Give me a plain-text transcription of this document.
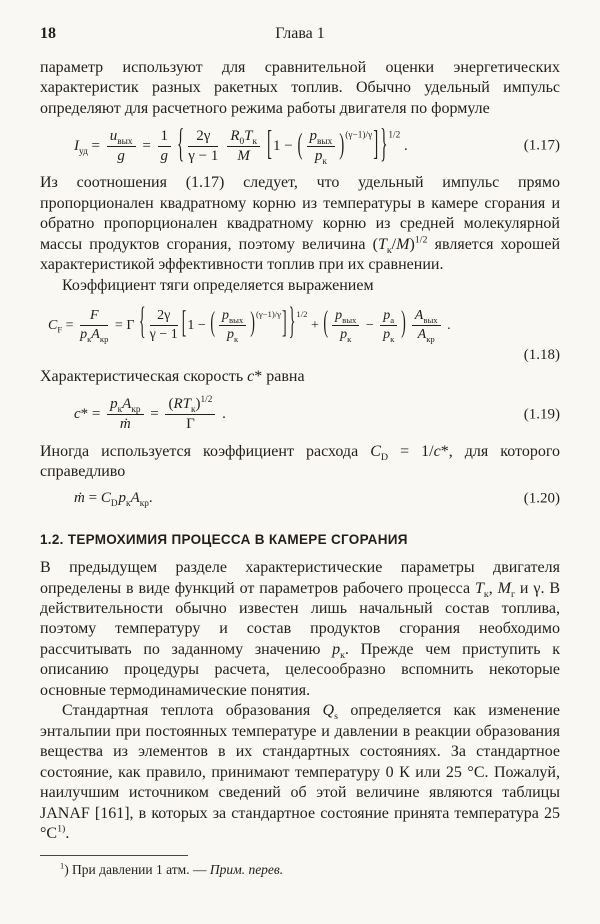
18	Глава 1

параметр используют для сравнительной оценки энергетических характеристик разных ракетных топлив. Обычно удельный импульс определяют для расчетного режима работы двигателя по формуле

$I_{уд} = \frac{u_{вых}}{g} = \frac{1}{g}$ { $\frac{2\gamma}{\gamma - 1} \frac{R_0T_к}{M} [1$ − ( $\frac{p_{вых}}{p_к} )^{(\gamma-1)/\gamma}$] }$^{1/2}$ .	(1.17)

Из соотношения (1.17) следует, что удельный импульс прямо пропорционален квадратному корню из температуры в камере сгорания и обратно пропорционален квадратному корню из средней молекулярной массы продуктов сгорания, поэтому величина $(T_к/M)^{1/2}$ является хорошей характеристикой эффективности топлив при их сравнении.

Коэффициент тяги определяется выражением

$C_F = \frac{F}{p_кA_{кр}} = \Gamma$ { $\frac{2\gamma}{\gamma - 1} [1$ − ( $\frac{p_{вых}}{p_к} )^{(\gamma-1)/\gamma}$] }$^{1/2}$ + ( $\frac{p_{вых}}{p_к} - \frac{p_а}{p_к}$ ) $\frac{A_{вых}}{A_{кр}}$ .
(1.18)

Характеристическая скорость c* равна

$c* = \frac{p_кA_{кр}}{\text{ṁ}} = \frac{(RT_к)^{1/2}}{\Gamma}$ .	(1.19)

Иногда используется коэффициент расхода $C_D = 1/c*$, для которого справедливо

ṁ = $C_Dp_кA_{кр}$.	(1.20)
1.2. ТЕРМОХИМИЯ ПРОЦЕССА В КАМЕРЕ СГОРАНИЯ

В предыдущем разделе характеристические параметры двигателя определены в виде функций от параметров рабочего процесса $T_к$, $M_г$ и γ. В действительности обычно известен лишь начальный состав топлива, поэтому температуру и состав продуктов сгорания необходимо рассчитывать по заданному значению $p_к$. Прежде чем приступить к описанию процедуры расчета, целесообразно вспомнить некоторые основные термодинамические понятия.

Стандартная теплота образования $Q_s$ определяется как изменение энтальпии при постоянных температуре и давлении в реакции образования вещества из элементов в их стандартных состояниях. За стандартное состояние, как правило, принимают температуру 0 К или 25 °С. Пожалуй, наилучшим источником сведений об этой величине являются таблицы JANAF [161], в которых за стандартное состояние принята температура 25 $^\circ С^{1)}$.

$^1$) При давлении 1 атм. — Прим. перев.
